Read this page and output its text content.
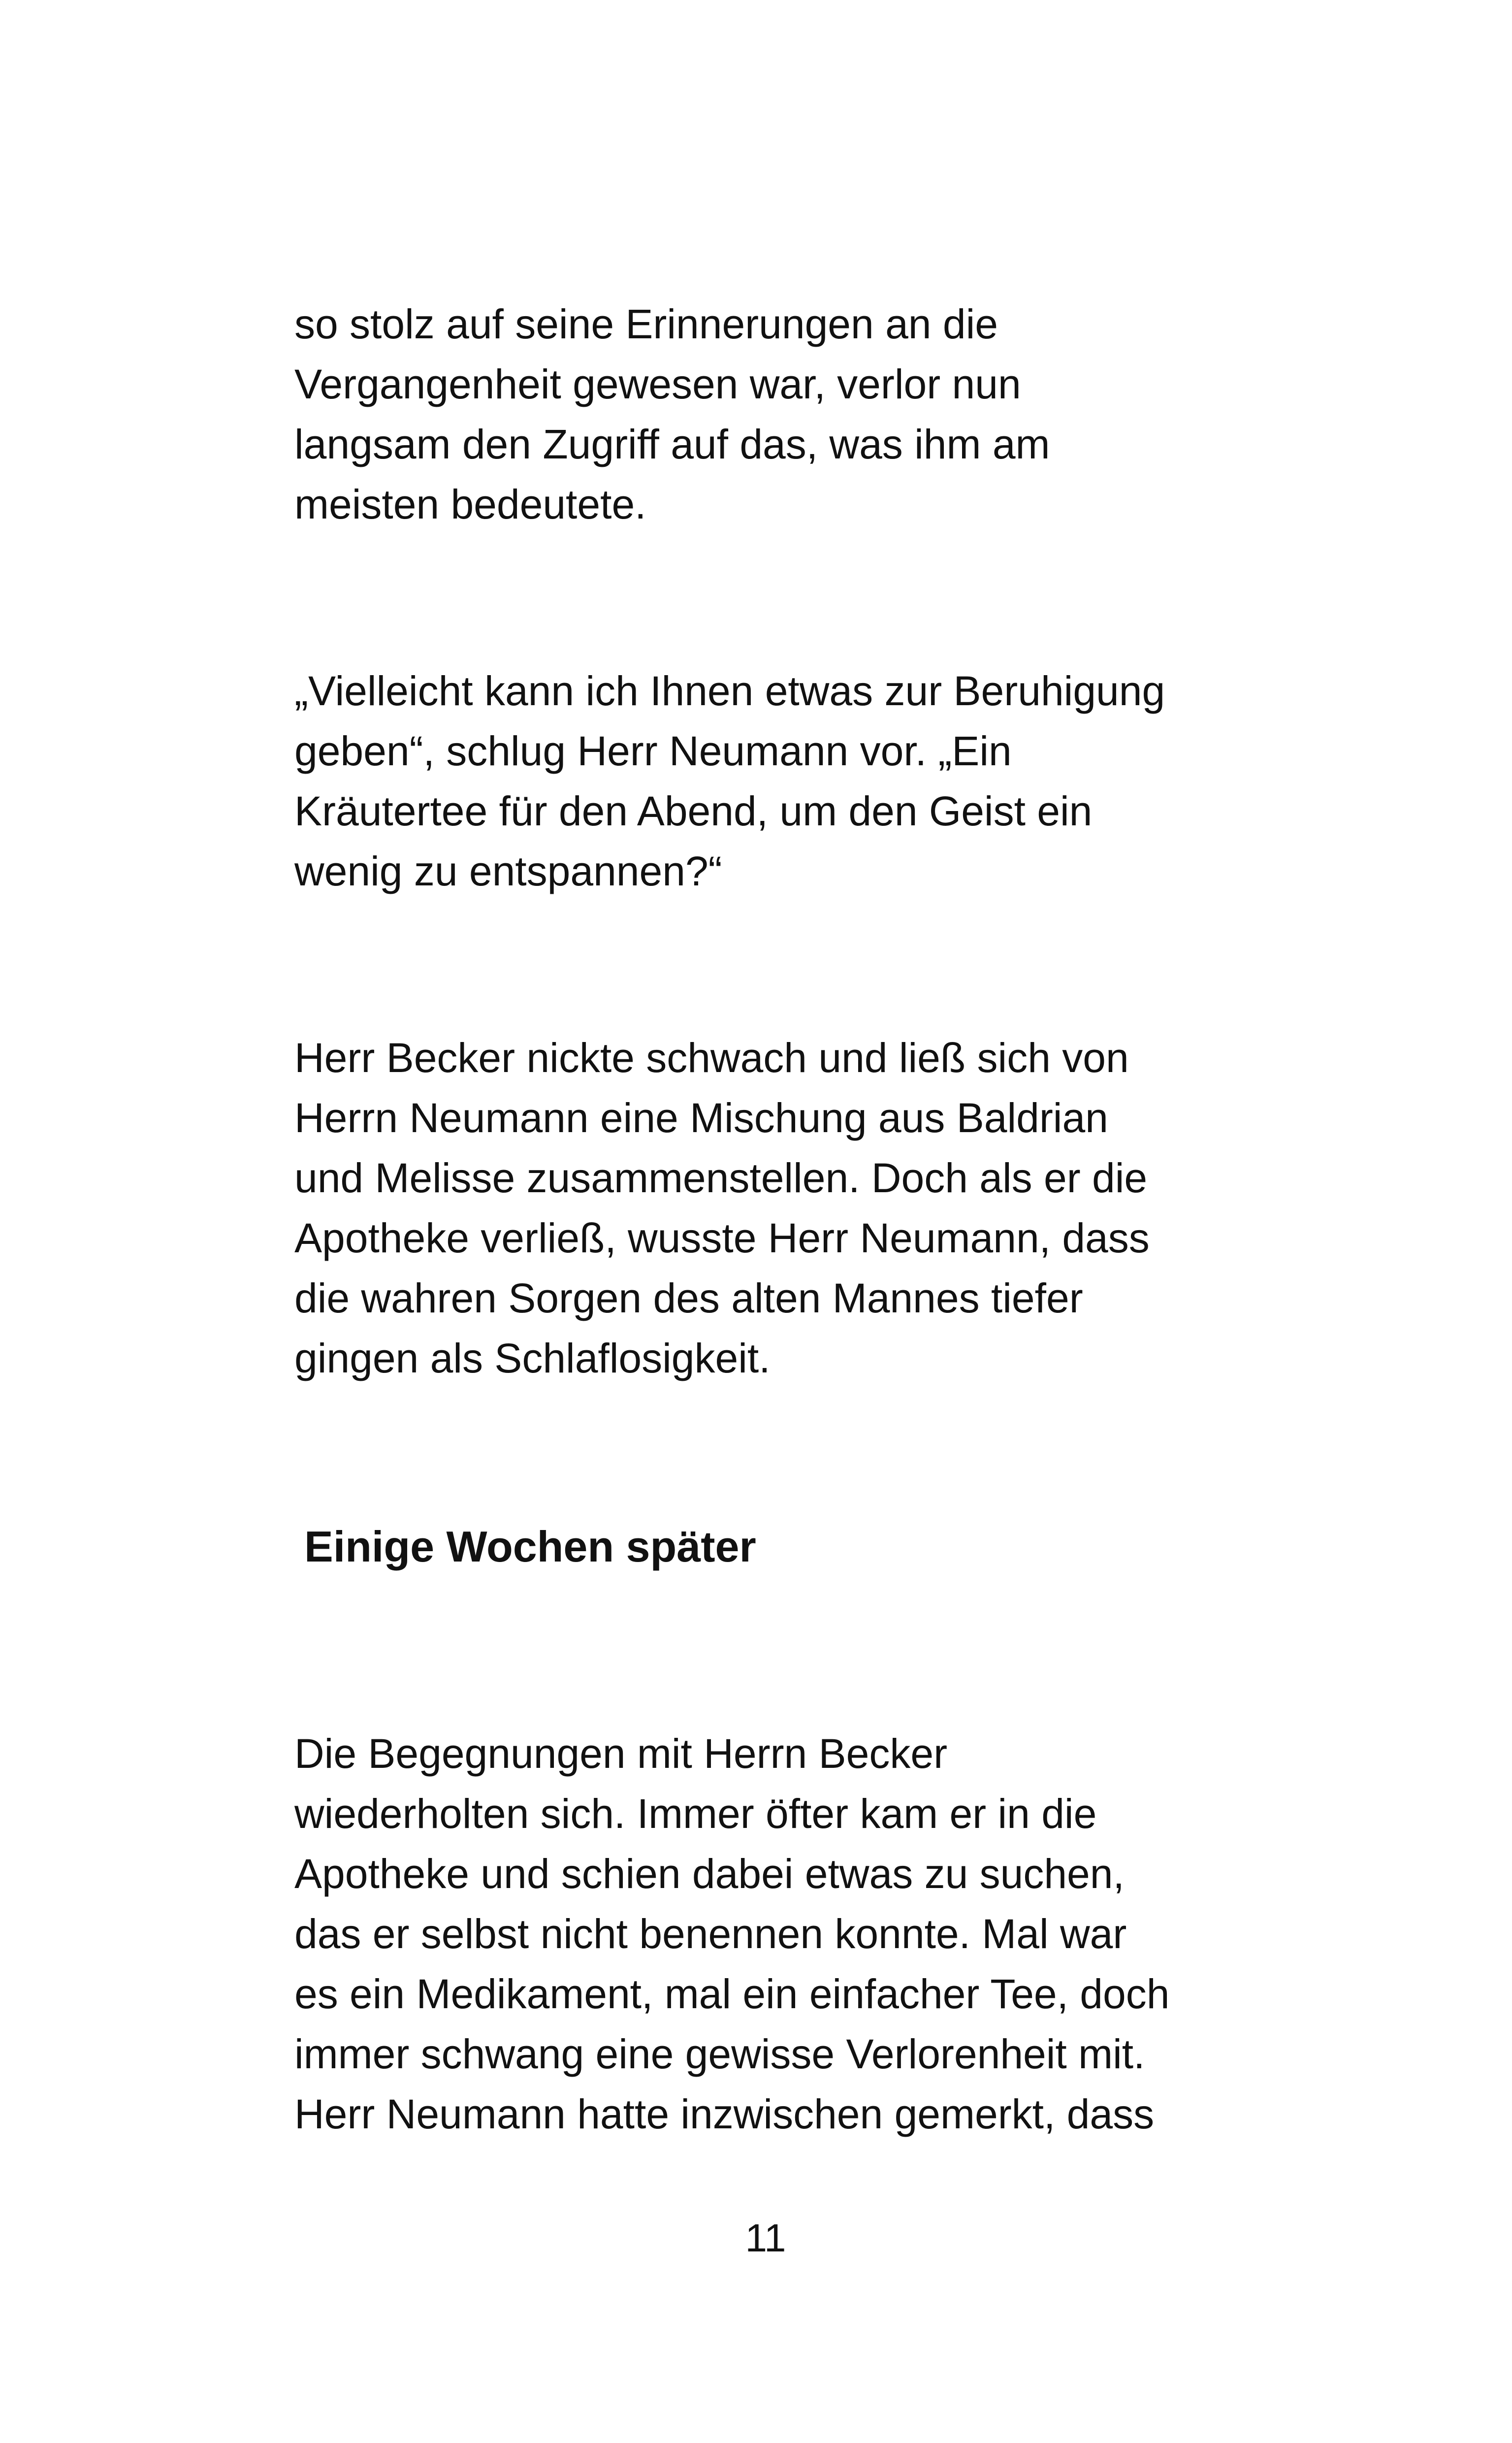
so stolz auf seine Erinnerungen an die
Vergangenheit gewesen war, verlor nun
langsam den Zugriff auf das, was ihm am
meisten bedeutete.

„Vielleicht kann ich Ihnen etwas zur Beruhigung
geben“, schlug Herr Neumann vor. „Ein
Kräutertee für den Abend, um den Geist ein
wenig zu entspannen?“

Herr Becker nickte schwach und ließ sich von
Herrn Neumann eine Mischung aus Baldrian
und Melisse zusammenstellen. Doch als er die
Apotheke verließ, wusste Herr Neumann, dass
die wahren Sorgen des alten Mannes tiefer
gingen als Schlaflosigkeit.

Einige Wochen später

Die Begegnungen mit Herrn Becker
wiederholten sich. Immer öfter kam er in die
Apotheke und schien dabei etwas zu suchen,
das er selbst nicht benennen konnte. Mal war
es ein Medikament, mal ein einfacher Tee, doch
immer schwang eine gewisse Verlorenheit mit.
Herr Neumann hatte inzwischen gemerkt, dass

11
